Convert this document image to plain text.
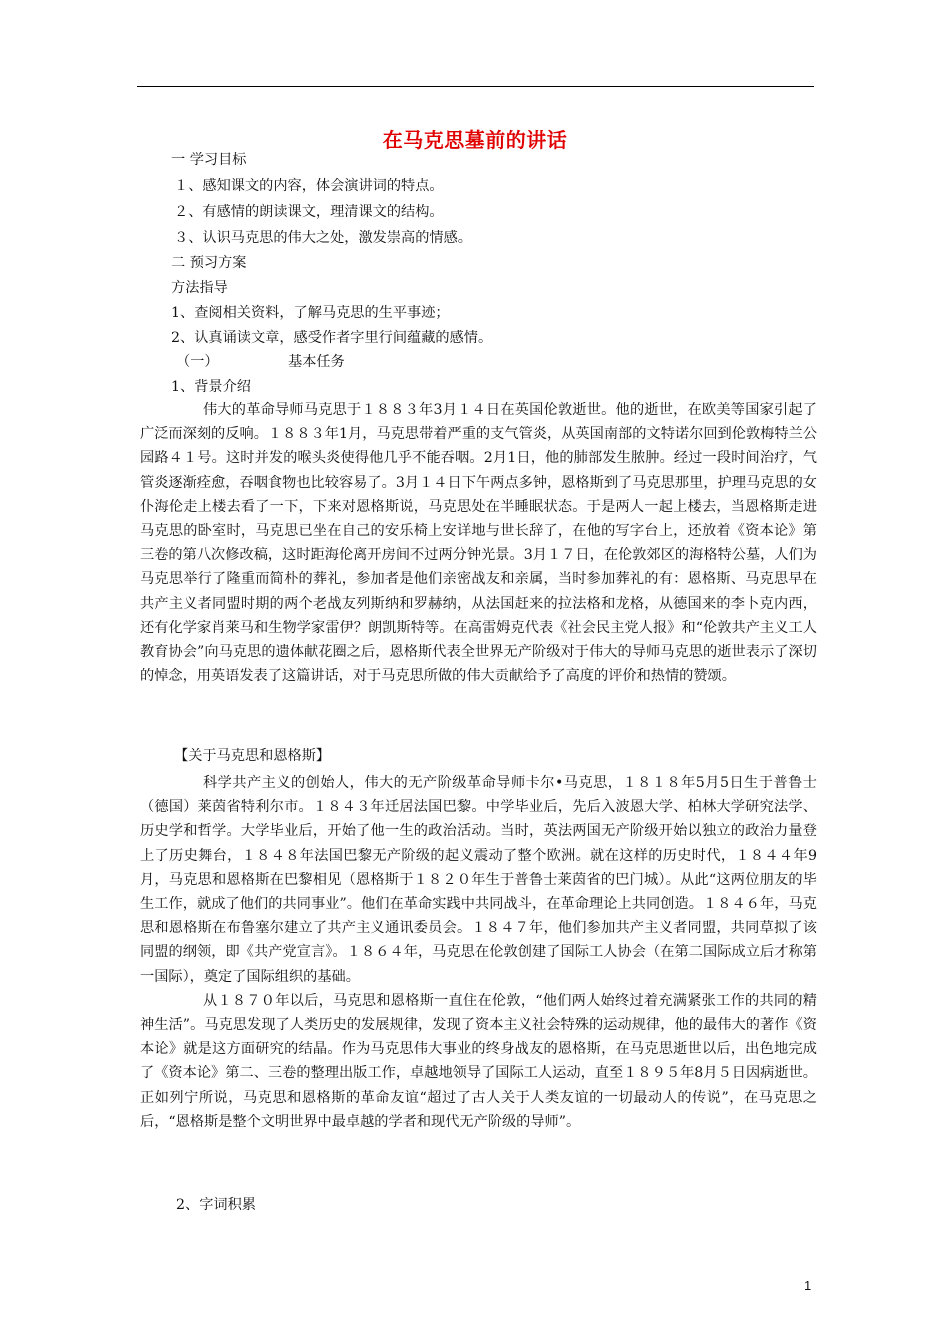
在马克思墓前的讲话
一 学习目标
１、感知课文的内容，体会演讲词的特点。
２、有感情的朗读课文，理清课文的结构。
３、认识马克思的伟大之处，激发崇高的情感。
二 预习方案
方法指导
1、查阅相关资料，了解马克思的生平事迹；
2、认真诵读文章，感受作者字里行间蕴藏的感情。
（一）	基本任务
1、背景介绍

伟大的革命导师马克思于１８８３年3月１４日在英国伦敦逝世。他的逝世，在欧美等国家引起了广泛而深刻的反响。１８８３年1月，马克思带着严重的支气管炎，从英国南部的文特诺尔回到伦敦梅特兰公园路４１号。这时并发的喉头炎使得他几乎不能吞咽。2月1日，他的肺部发生脓肿。经过一段时间治疗，气管炎逐渐痊愈，吞咽食物也比较容易了。3月１４日下午两点多钟，恩格斯到了马克思那里，护理马克思的女仆海伦走上楼去看了一下，下来对恩格斯说，马克思处在半睡眠状态。于是两人一起上楼去，当恩格斯走进马克思的卧室时，马克思已坐在自己的安乐椅上安详地与世长辞了，在他的写字台上，还放着《资本论》第三卷的第八次修改稿，这时距海伦离开房间不过两分钟光景。3月１７日，在伦敦郊区的海格特公墓，人们为马克思举行了隆重而简朴的葬礼，参加者是他们亲密战友和亲属，当时参加葬礼的有：恩格斯、马克思早在共产主义者同盟时期的两个老战友列斯纳和罗赫纳，从法国赶来的拉法格和龙格，从德国来的李卜克内西，还有化学家肖莱马和生物学家雷伊？朗凯斯特等。在高雷姆克代表《社会民主党人报》和“伦敦共产主义工人教育协会”向马克思的遗体献花圈之后，恩格斯代表全世界无产阶级对于伟大的导师马克思的逝世表示了深切的悼念，用英语发表了这篇讲话，对于马克思所做的伟大贡献给予了高度的评价和热情的赞颂。

【关于马克思和恩格斯】

科学共产主义的创始人，伟大的无产阶级革命导师卡尔•马克思，１８１８年5月5日生于普鲁士（德国）莱茵省特利尔市。１８４３年迁居法国巴黎。中学毕业后，先后入波恩大学、柏林大学研究法学、历史学和哲学。大学毕业后，开始了他一生的政治活动。当时，英法两国无产阶级开始以独立的政治力量登上了历史舞台，１８４８年法国巴黎无产阶级的起义震动了整个欧洲。就在这样的历史时代，１８４４年9月，马克思和恩格斯在巴黎相见（恩格斯于１８２０年生于普鲁士莱茵省的巴门城）。从此“这两位朋友的毕生工作，就成了他们的共同事业”。他们在革命实践中共同战斗，在革命理论上共同创造。１８４６年，马克思和恩格斯在布鲁塞尔建立了共产主义通讯委员会。１８４７年，他们参加共产主义者同盟，共同草拟了该同盟的纲领，即《共产党宣言》。１８６４年，马克思在伦敦创建了国际工人协会（在第二国际成立后才称第一国际），奠定了国际组织的基础。

从１８７０年以后，马克思和恩格斯一直住在伦敦，“他们两人始终过着充满紧张工作的共同的精神生活”。马克思发现了人类历史的发展规律，发现了资本主义社会特殊的运动规律，他的最伟大的著作《资本论》就是这方面研究的结晶。作为马克思伟大事业的终身战友的恩格斯，在马克思逝世以后，出色地完成了《资本论》第二、三卷的整理出版工作，卓越地领导了国际工人运动，直至１８９５年8月５日因病逝世。正如列宁所说，马克思和恩格斯的革命友谊“超过了古人关于人类友谊的一切最动人的传说”，在马克思之后，“恩格斯是整个文明世界中最卓越的学者和现代无产阶级的导师”。

2、字词积累
1
